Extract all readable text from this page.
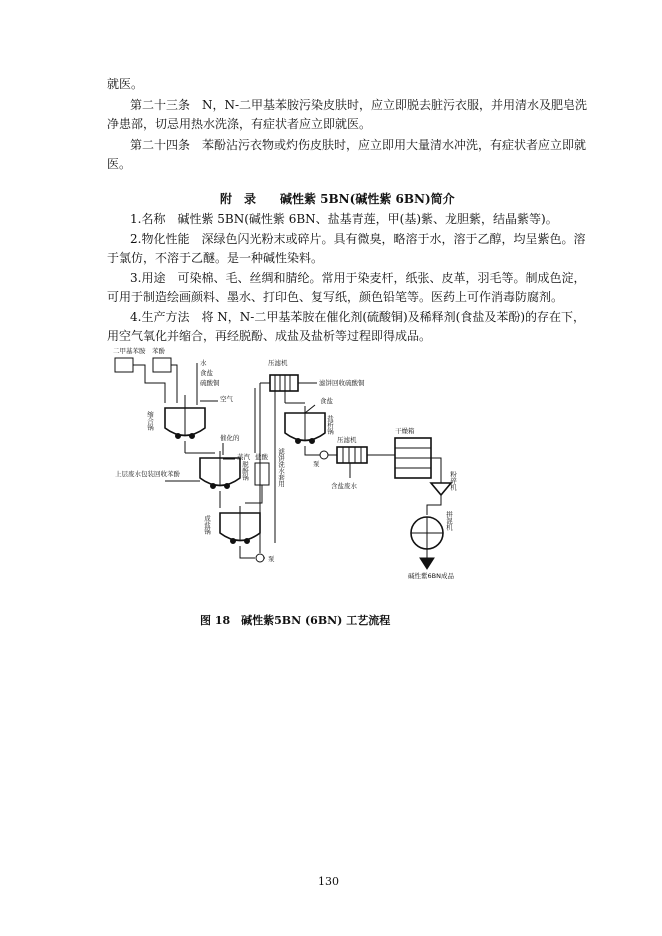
就医。
第二十三条　N，N-二甲基苯胺污染皮肤时，应立即脱去脏污衣服，并用清水及肥皂洗
净患部，切忌用热水洗涤，有症状者应立即就医。
第二十四条　苯酚沾污衣物或灼伤皮肤时，应立即用大量清水冲洗，有症状者应立即就
医。
附　录　　碱性紫 5BN(碱性紫 6BN)简介
1.名称　碱性紫 5BN(碱性紫 6BN、盐基青莲，甲(基)紫、龙胆紫，结晶紫等)。
2.物化性能　深绿色闪光粉末或碎片。具有微臭，略溶于水，溶于乙醇，均呈紫色。溶
于氯仿，不溶于乙醚。是一种碱性染料。
3.用途　可染棉、毛、丝绸和腈纶。常用于染麦杆，纸张、皮革，羽毛等。制成色淀，
可用于制造绘画颜料、墨水、打印色、复写纸，颜色铅笔等。医药上可作消毒防腐剂。
4.生产方法　将 N，N-二甲基苯胺在催化剂(硫酸铜)及稀释剂(食盐及苯酚)的存在下，
用空气氧化并缩合，再经脱酚、成盐及盐析等过程即得成品。
二甲基苯胺　苯酚
水
食盐
硫酸铜
空气
缩合锅
催化的
蒸汽
脱酚锅
上层废水包装回收苯酚
盐酸
成盐锅
泵
压滤机
滤饼回收硫酸铜
滤饼洗水套用
食盐
盐析锅
泵
压滤机
含盐废水
干燥箱
粉碎机
拼混机
碱性紫6BN成品
图 18　碱性紫5BN (6BN) 工艺流程
130
